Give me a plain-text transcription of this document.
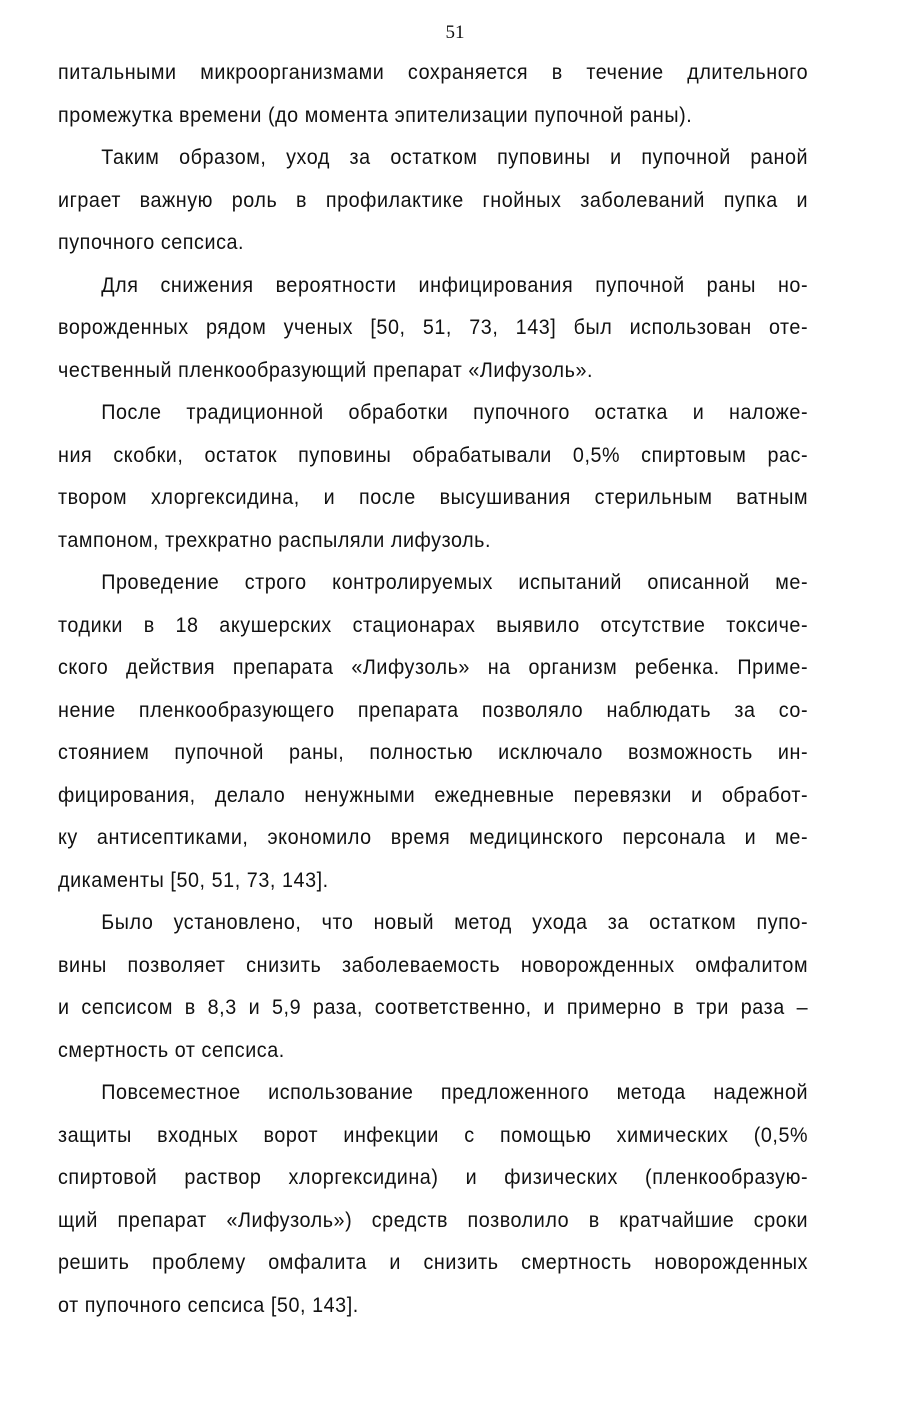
51
питальными микроорганизмами сохраняется в течение длительного
промежутка времени (до момента эпителизации пупочной раны).
Таким образом, уход за остатком пуповины и пупочной раной
играет важную роль в профилактике гнойных заболеваний пупка и
пупочного сепсиса.
Для снижения вероятности инфицирования пупочной раны но-
ворожденных рядом ученых [50, 51, 73, 143] был использован оте-
чественный пленкообразующий препарат «Лифузоль».
После традиционной обработки пупочного остатка и наложе-
ния скобки, остаток пуповины обрабатывали 0,5% спиртовым рас-
твором хлоргексидина, и после высушивания стерильным ватным
тампоном, трехкратно распыляли лифузоль.
Проведение строго контролируемых испытаний описанной ме-
тодики в 18 акушерских стационарах выявило отсутствие токсиче-
ского действия препарата «Лифузоль» на организм ребенка. Приме-
нение пленкообразующего препарата позволяло наблюдать за со-
стоянием пупочной раны, полностью исключало возможность ин-
фицирования, делало ненужными ежедневные перевязки и обработ-
ку антисептиками, экономило время медицинского персонала и ме-
дикаменты [50, 51, 73, 143].
Было установлено, что новый метод ухода за остатком пупо-
вины позволяет снизить заболеваемость новорожденных омфалитом
и сепсисом в 8,3 и 5,9 раза, соответственно, и примерно в три раза –
смертность от сепсиса.
Повсеместное использование предложенного метода надежной
защиты входных ворот инфекции с помощью химических (0,5%
спиртовой раствор хлоргексидина) и физических (пленкообразую-
щий препарат «Лифузоль») средств позволило в кратчайшие сроки
решить проблему омфалита и снизить смертность новорожденных
от пупочного сепсиса [50, 143].
